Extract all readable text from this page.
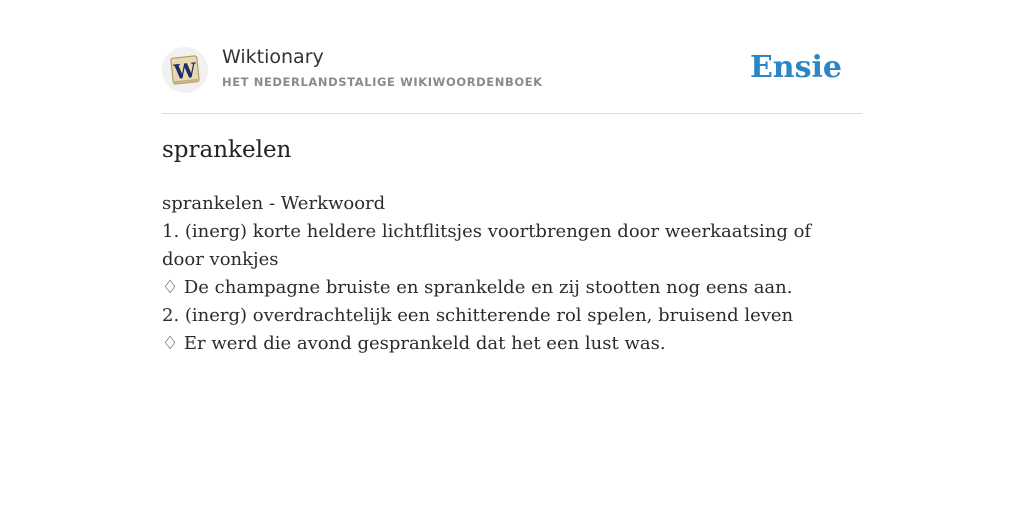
W
Wiktionary
HET NEDERLANDSTALIGE WIKIWOORDENBOEK	Ensie
sprankelen
sprankelen - Werkwoord
1. (inerg) korte heldere lichtflitsjes voortbrengen door weerkaatsing of door vonkjes
♢ De champagne bruiste en sprankelde en zij stootten nog eens aan.
2. (inerg) overdrachtelijk een schitterende rol spelen, bruisend leven
♢ Er werd die avond gesprankeld dat het een lust was.
